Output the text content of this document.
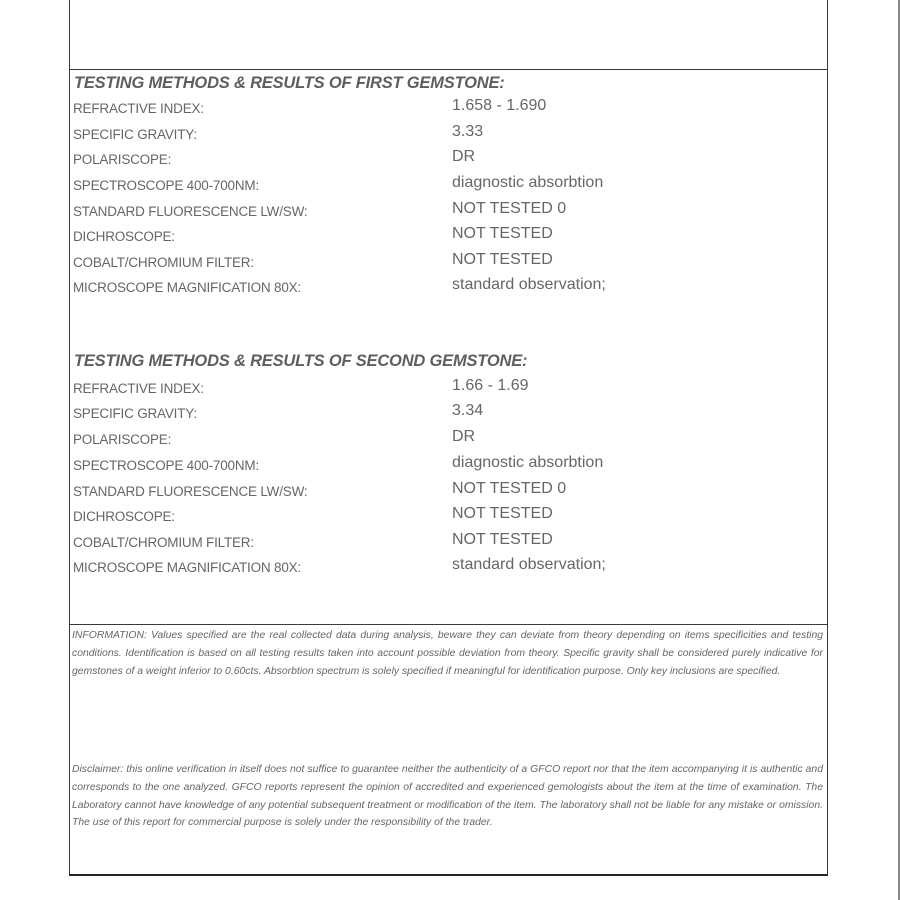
TESTING METHODS & RESULTS OF FIRST GEMSTONE:
REFRACTIVE INDEX:	1.658 - 1.690
SPECIFIC GRAVITY:	3.33
POLARISCOPE:	DR
SPECTROSCOPE 400-700NM:	diagnostic absorbtion
STANDARD FLUORESCENCE LW/SW:	NOT TESTED 0
DICHROSCOPE:	NOT TESTED
COBALT/CHROMIUM FILTER:	NOT TESTED
MICROSCOPE MAGNIFICATION 80X:	standard observation;
TESTING METHODS & RESULTS OF SECOND GEMSTONE:
REFRACTIVE INDEX:	1.66 - 1.69
SPECIFIC GRAVITY:	3.34
POLARISCOPE:	DR
SPECTROSCOPE 400-700NM:	diagnostic absorbtion
STANDARD FLUORESCENCE LW/SW:	NOT TESTED 0
DICHROSCOPE:	NOT TESTED
COBALT/CHROMIUM FILTER:	NOT TESTED
MICROSCOPE MAGNIFICATION 80X:	standard observation;
INFORMATION: Values specified are the real collected data during analysis, beware they can deviate from theory depending on items specificities and testing conditions. Identification is based on all testing results taken into account possible deviation from theory. Specific gravity shall be considered purely indicative for gemstones of a weight inferior to 0.60cts. Absorbtion spectrum is solely specified if meaningful for identification purpose. Only key inclusions are specified.
Disclaimer: this online verification in itself does not suffice to guarantee neither the authenticity of a GFCO report nor that the item accompanying it is authentic and corresponds to the one analyzed. GFCO reports represent the opinion of accredited and experienced gemologists about the item at the time of examination. The Laboratory cannot have knowledge of any potential subsequent treatment or modification of the item. The laboratory shall not be liable for any mistake or omission. The use of this report for commercial purpose is solely under the responsibility of the trader.
